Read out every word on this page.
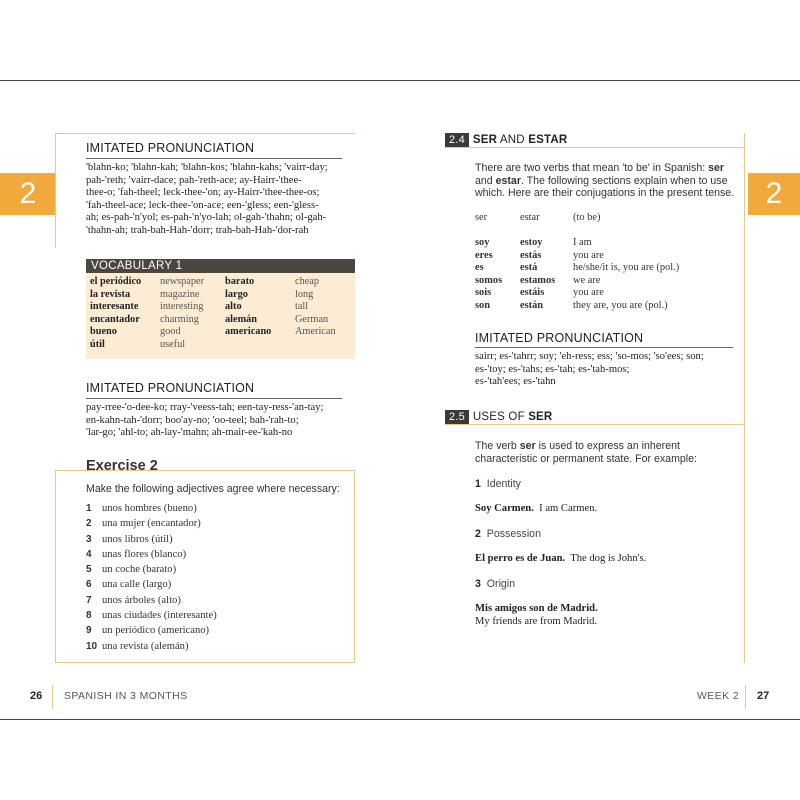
2	2
IMITATED PRONUNCIATION
'blahn-ko; 'blahn-kah; 'blahn-kos; 'blahn-kahs; 'vairr-day;
pah-'reth; 'vairr-dace; pah-'reth-ace; ay-Hairr-'thee-
thee-o; 'fah-theel; leck-thee-'on; ay-Hairr-'thee-thee-os;
'fah-theel-ace; leck-thee-'on-ace; een-'gless; een-'gless-
ah; es-pah-'n'yol; es-pah-'n'yo-lah; ol-gah-'thahn; ol-gah-
'thahn-ah; trah-bah-Hah-'dorr; trah-bah-Hah-'dor-rah
VOCABULARY 1
el periódico	newspaper	barato	cheap
la revista	magazine	largo	long
interesante	interesting	alto	tall
encantador	charming	alemán	German
bueno	good	americano	American
útil	useful		
IMITATED PRONUNCIATION
pay-rree-'o-dee-ko; rray-'veess-tah; een-tay-ress-'an-tay;
en-kahn-tah-'dorr; boo'ay-no; 'oo-teel; bah-'rah-to;
'lar-go; 'ahl-to; ah-lay-'mahn; ah-mair-ee-'kah-no
Exercise 2
Make the following adjectives agree where necessary:
1 unos hombres (bueno)
2 una mujer (encantador)
3 unos libros (útil)
4 unas flores (blanco)
5 un coche (barato)
6 una calle (largo)
7 unos árboles (alto)
8 unas ciudades (interesante)
9 un periódico (americano)
10 una revista (alemán)
26 SPANISH IN 3 MONTHS
2.4 SER AND ESTAR
There are two verbs that mean 'to be' in Spanish: ser and estar. The following sections explain when to use which. Here are their conjugations in the present tense.
ser	estar	(to be)
soy	estoy	I am
eres	estás	you are
es	está	he/she/it is, you are (pol.)
somos	estamos	we are
sois	estáis	you are
son	están	they are, you are (pol.)
IMITATED PRONUNCIATION
sairr; es-'tahrr; soy; 'eh-ress; ess; 'so-mos; 'so'ees; son;
es-'toy; es-'tahs; es-'tah; es-'tah-mos;
es-'tah'ees; es-'tahn
2.5 USES OF SER
The verb ser is used to express an inherent characteristic or permanent state. For example:
1 Identity
Soy Carmen. I am Carmen.
2 Possession
El perro es de Juan. The dog is John's.
3 Origin
Mis amigos son de Madrid.
My friends are from Madrid.
WEEK 2 27
